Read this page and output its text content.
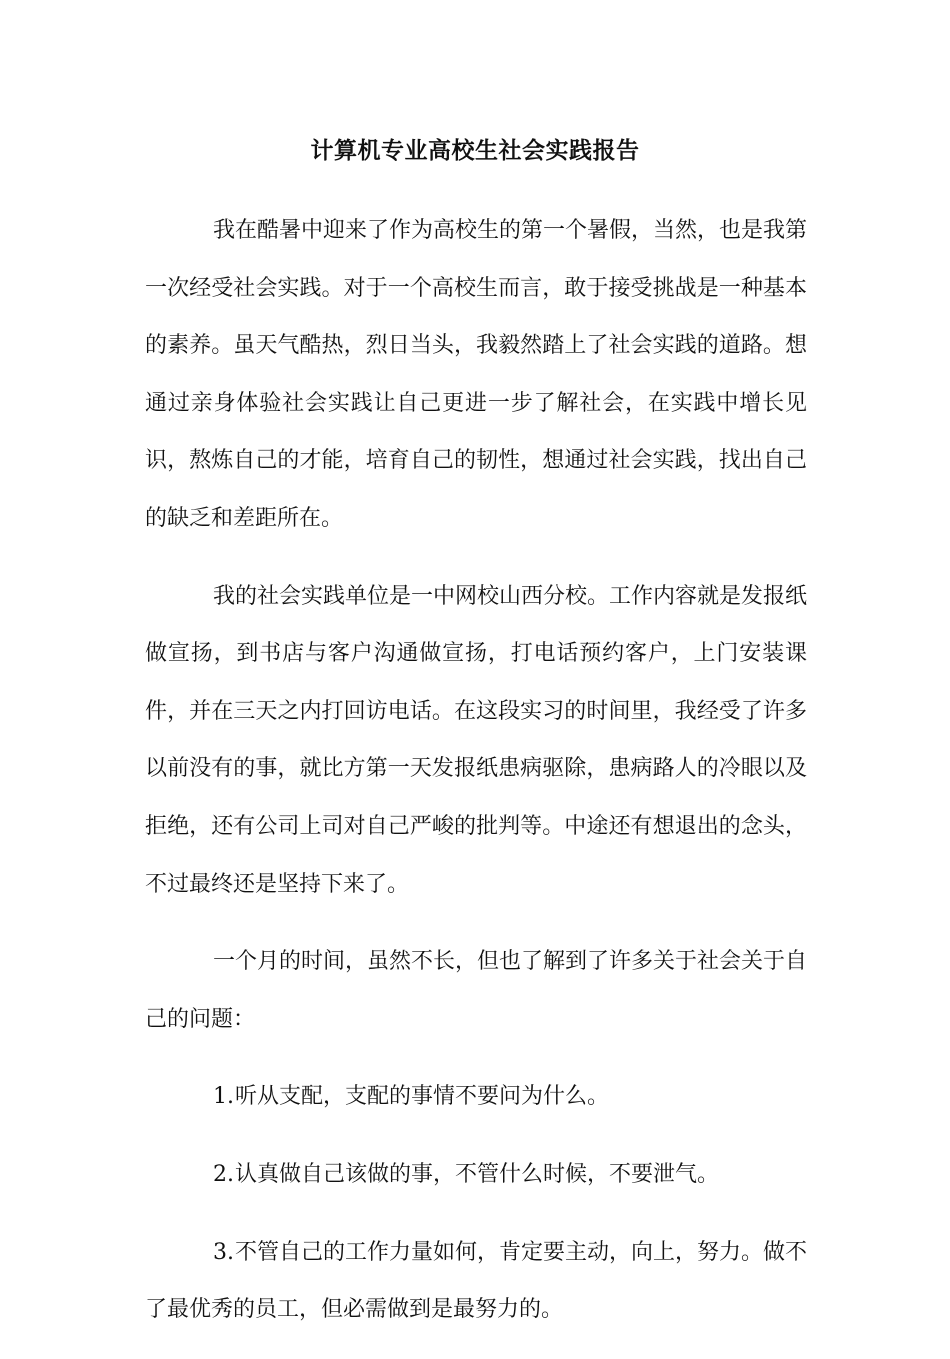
计算机专业高校生社会实践报告

我在酷暑中迎来了作为高校生的第一个暑假，当然，也是我第一次经受社会实践。对于一个高校生而言，敢于接受挑战是一种基本的素养。虽天气酷热，烈日当头，我毅然踏上了社会实践的道路。想通过亲身体验社会实践让自己更进一步了解社会，在实践中增长见识，熬炼自己的才能，培育自己的韧性，想通过社会实践，找出自己的缺乏和差距所在。

我的社会实践单位是一中网校山西分校。工作内容就是发报纸做宣扬，到书店与客户沟通做宣扬，打电话预约客户，上门安装课件，并在三天之内打回访电话。在这段实习的时间里，我经受了许多以前没有的事，就比方第一天发报纸患病驱除，患病路人的冷眼以及拒绝，还有公司上司对自己严峻的批判等。中途还有想退出的念头，不过最终还是坚持下来了。

一个月的时间，虽然不长，但也了解到了许多关于社会关于自己的问题：

1.听从支配，支配的事情不要问为什么。

2.认真做自己该做的事，不管什么时候，不要泄气。

3.不管自己的工作力量如何，肯定要主动，向上，努力。做不了最优秀的员工，但必需做到是最努力的。
